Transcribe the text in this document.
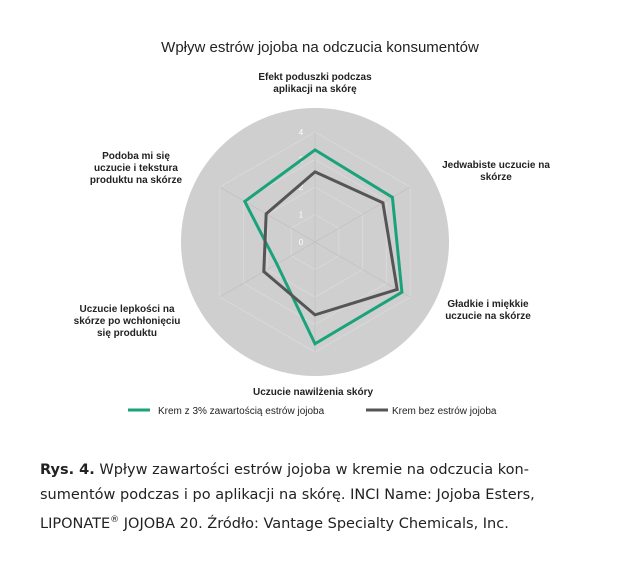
Wpływ estrów jojoba na odczucia konsumentów
0
1
2
3
4
Efekt poduszki podczas aplikacji na skórę
Jedwabiste uczucie na skórze
Gładkie i miękkie uczucie na skórze
Uczucie nawilżenia skóry
Uczucie lepkości na skórze po wchłonięciu się produktu
Podoba mi się uczucie i tekstura produktu na skórze
Krem z 3% zawartością estrów jojoba	Krem bez estrów jojoba
Rys. 4. Wpływ zawartości estrów jojoba w kremie na odczucia kon-
sumentów podczas i po aplikacji na skórę. INCI Name: Jojoba Esters,
LIPONATE® JOJOBA 20. Źródło: Vantage Specialty Chemicals, Inc.
